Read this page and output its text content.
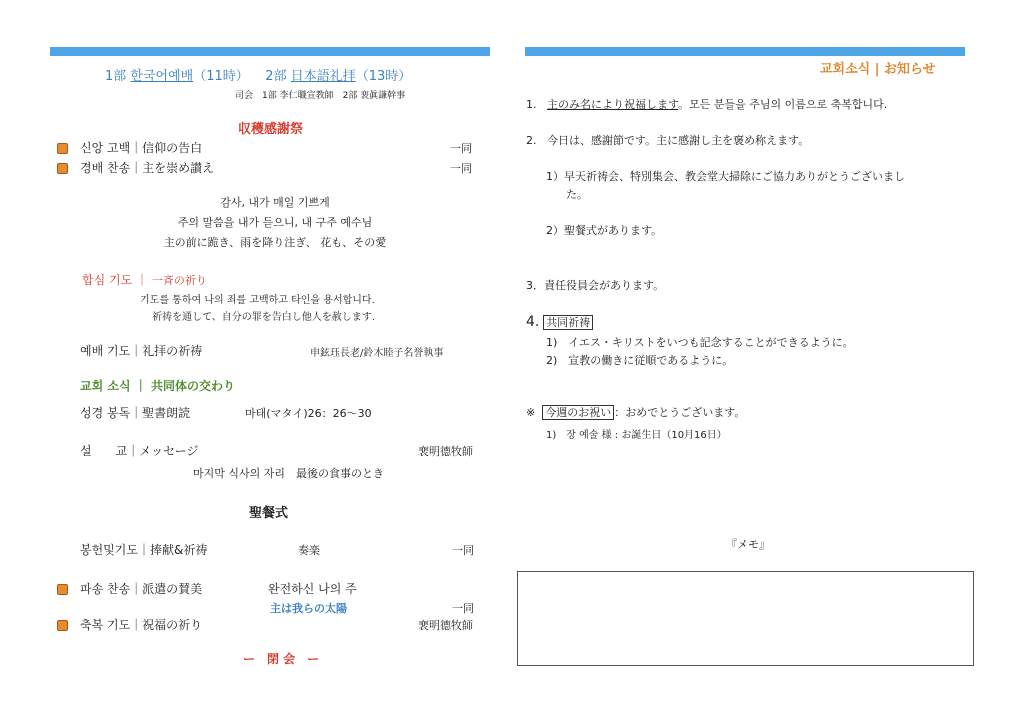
1部 한국어예배（11時） 2部 日本語礼拝（13時）
司会　1部 李仁職宣教師　2部 裵眞謙幹事
収穫感謝祭
신앙 고백｜信仰の告白	一同
경배 찬송｜主を崇め讃え	一同
감사, 내가 매일 기쁘게
주의 말씀을 내가 듣으니, 내 구주 예수님
主の前に跪き、雨を降り注ぎ、 花も、その愛
합심 기도 ｜ 一斉の祈り
기도를 통하여 나의 죄를 고백하고 타인을 용서합니다.
祈祷を通して、自分の罪を告白し他人を赦します.
예배 기도｜礼拝の祈祷	申鉉珏長老/鈴木睦子名誉執事
교회 소식 ｜ 共同体の交わり
성경 봉독｜聖書朗読	마태(マタイ)26：26〜30
설　　교｜メッセージ	裵明德牧師
마지막 식사의 자리　最後の食事のとき
聖餐式
봉헌및기도｜捧献&祈祷	奏楽	一同
파송 찬송｜派遣の賛美	완전하신 나의 주
主は我らの太陽	一同
축복 기도｜祝福の祈り	裵明德牧師
ー　閉 会　ー
교회소식 | お知らせ
1. 主のみ名により祝福します。모든 분들을 주님의 이름으로 축복합니다.
2. 今日は、感謝節です。主に感謝し主を褒め称えます。
1）早天祈祷会、特別集会、教会堂大掃除にご協力ありがとうございまし
た。
2）聖餐式があります。
3．責任役員会があります。
4. 共同祈祷
1)　イエス・キリストをいつも記念することができるように。
2)　宣教の働きに従順であるように。
※ 今週のお祝い ：おめでとうございます。
1)　장 예술 様 : お誕生日（10月16日）
『メモ』
